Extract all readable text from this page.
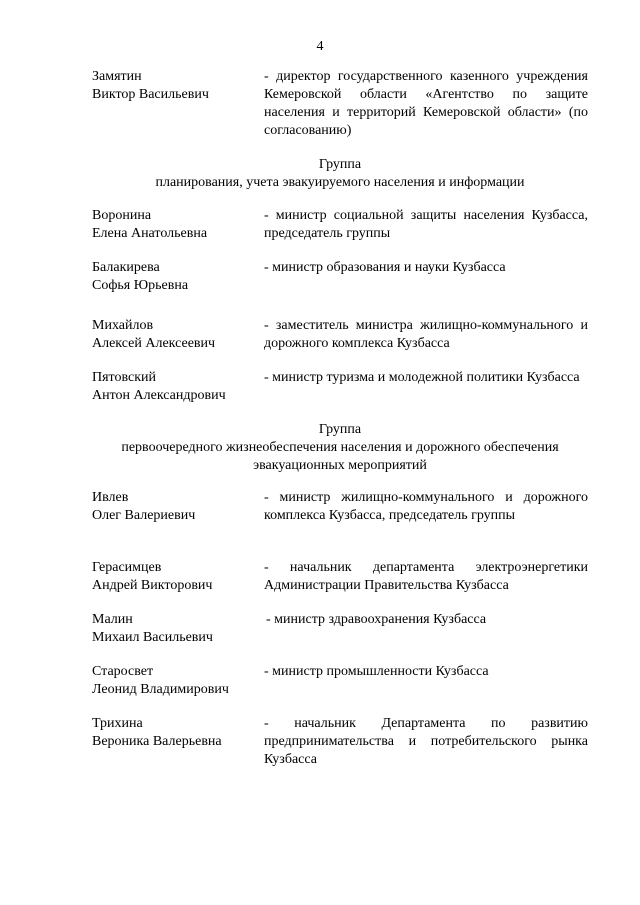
4
Замятин
Виктор Васильевич
- директор государственного казенного учреждения Кемеровской области «Агентство по защите населения и территорий Кемеровской области» (по согласованию)
Группа
планирования, учета эвакуируемого населения и информации
Воронина
Елена Анатольевна
- министр социальной защиты населения Кузбасса, председатель группы
Балакирева
Софья Юрьевна
- министр образования и науки Кузбасса
Михайлов
Алексей Алексеевич
- заместитель министра жилищно-коммунального и дорожного комплекса Кузбасса
Пятовский
Антон Александрович
- министр туризма и молодежной политики Кузбасса
Группа
первоочередного жизнеобеспечения населения и дорожного обеспечения
эвакуационных мероприятий
Ивлев
Олег Валериевич
- министр жилищно-коммунального и дорожного комплекса Кузбасса, председатель группы
Герасимцев
Андрей Викторович
- начальник департамента электроэнергетики Администрации Правительства Кузбасса
Малин
Михаил Васильевич
- министр здравоохранения Кузбасса
Старосвет
Леонид Владимирович
- министр промышленности Кузбасса
Трихина
Вероника Валерьевна
- начальник Департамента по развитию предпринимательства и потребительского рынка Кузбасса
